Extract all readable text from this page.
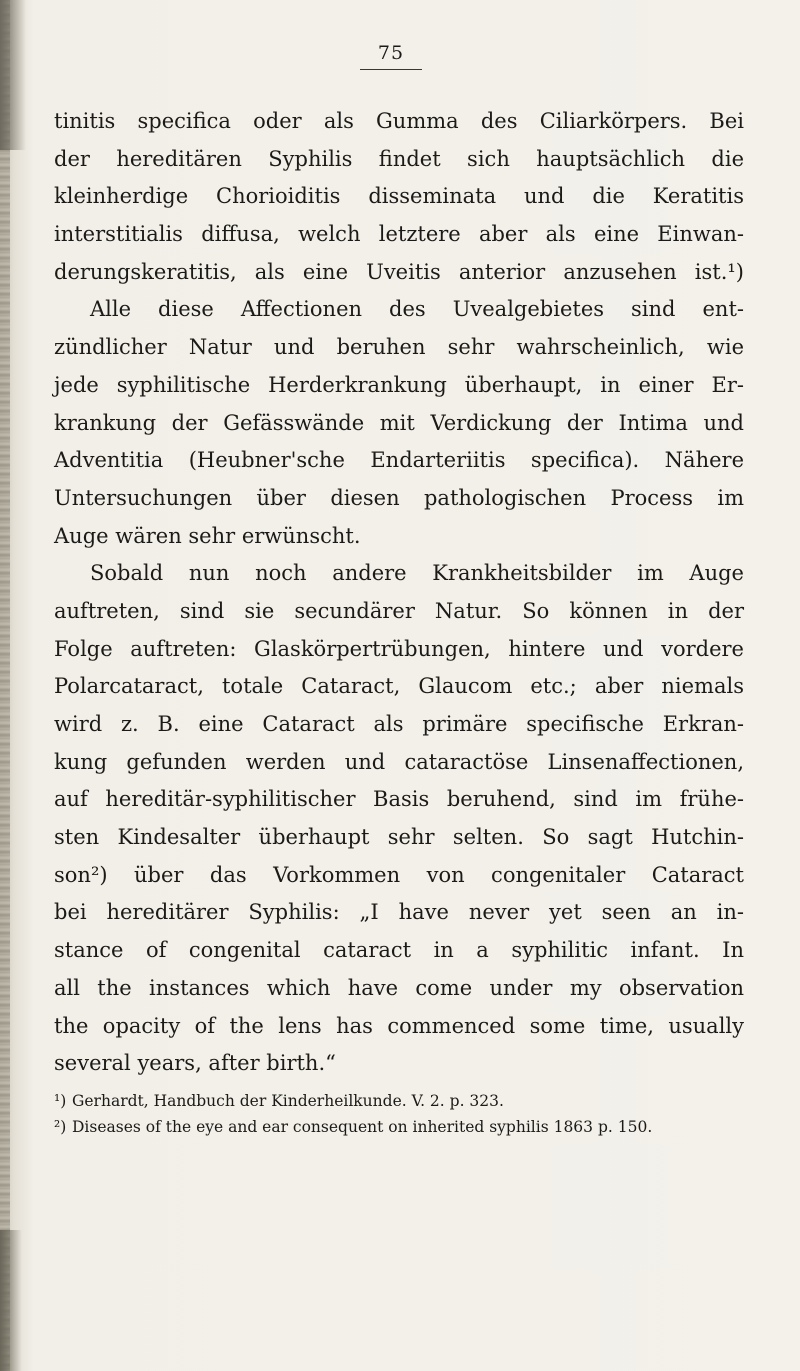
75
tinitis specifica oder als Gumma des Ciliarkörpers. Bei
der hereditären Syphilis findet sich hauptsächlich die
kleinherdige Chorioiditis disseminata und die Keratitis
interstitialis diffusa, welch letztere aber als eine Einwan-
derungskeratitis, als eine Uveitis anterior anzusehen ist.¹)
Alle diese Affectionen des Uvealgebietes sind ent-
zündlicher Natur und beruhen sehr wahrscheinlich, wie
jede syphilitische Herderkrankung überhaupt, in einer Er-
krankung der Gefässwände mit Verdickung der Intima und
Adventitia (Heubner'sche Endarteriitis specifica). Nähere
Untersuchungen über diesen pathologischen Process im
Auge wären sehr erwünscht.
Sobald nun noch andere Krankheitsbilder im Auge
auftreten, sind sie secundärer Natur. So können in der
Folge auftreten: Glaskörpertrübungen, hintere und vordere
Polarcataract, totale Cataract, Glaucom etc.; aber niemals
wird z. B. eine Cataract als primäre specifische Erkran-
kung gefunden werden und cataractöse Linsenaffectionen,
auf hereditär-syphilitischer Basis beruhend, sind im frühe-
sten Kindesalter überhaupt sehr selten. So sagt Hutchin-
son²) über das Vorkommen von congenitaler Cataract
bei hereditärer Syphilis: „I have never yet seen an in-
stance of congenital cataract in a syphilitic infant. In
all the instances which have come under my observation
the opacity of the lens has commenced some time, usually
several years, after birth.“
¹) Gerhardt, Handbuch der Kinderheilkunde. V. 2. p. 323.
²) Diseases of the eye and ear consequent on inherited syphilis 1863 p. 150.
